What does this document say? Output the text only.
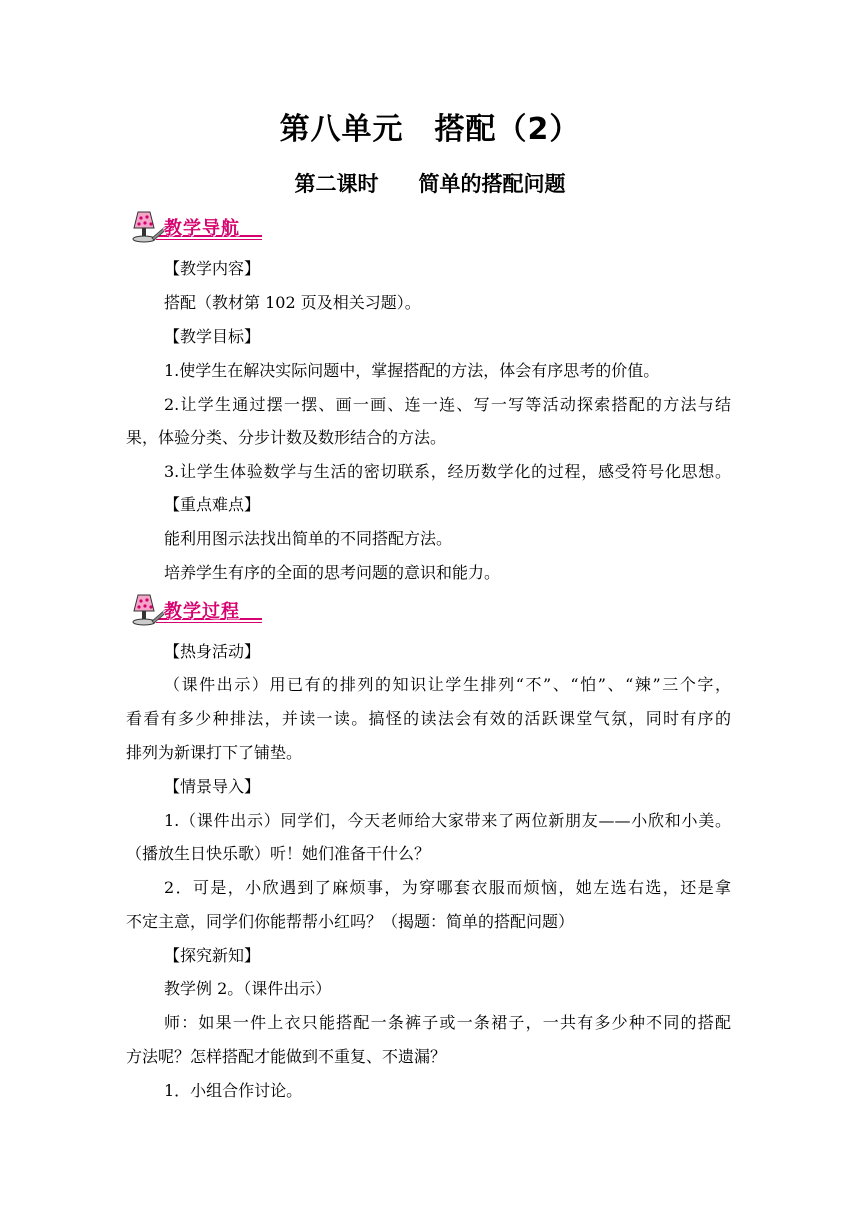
第八单元　搭配（2）
第二课时 简单的搭配问题
教学导航
【教学内容】
搭配（教材第 102 页及相关习题）。
【教学目标】
1.使学生在解决实际问题中，掌握搭配的方法，体会有序思考的价值。
2.让学生通过摆一摆、画一画、连一连、写一写等活动探索搭配的方法与结
果，体验分类、分步计数及数形结合的方法。
3.让学生体验数学与生活的密切联系，经历数学化的过程，感受符号化思想。
【重点难点】
能利用图示法找出简单的不同搭配方法。
培养学生有序的全面的思考问题的意识和能力。
教学过程
【热身活动】
（课件出示）用已有的排列的知识让学生排列“不”、“怕”、“辣”三个字，
看看有多少种排法，并读一读。搞怪的读法会有效的活跃课堂气氛，同时有序的
排列为新课打下了铺垫。
【情景导入】
1.（课件出示）同学们，今天老师给大家带来了两位新朋友——小欣和小美。
（播放生日快乐歌）听！她们准备干什么？
2．可是，小欣遇到了麻烦事，为穿哪套衣服而烦恼，她左选右选，还是拿
不定主意，同学们你能帮帮小红吗？（揭题：简单的搭配问题）
【探究新知】
教学例 2。（课件出示）
师：如果一件上衣只能搭配一条裤子或一条裙子，一共有多少种不同的搭配
方法呢？怎样搭配才能做到不重复、不遗漏？
1．小组合作讨论。
